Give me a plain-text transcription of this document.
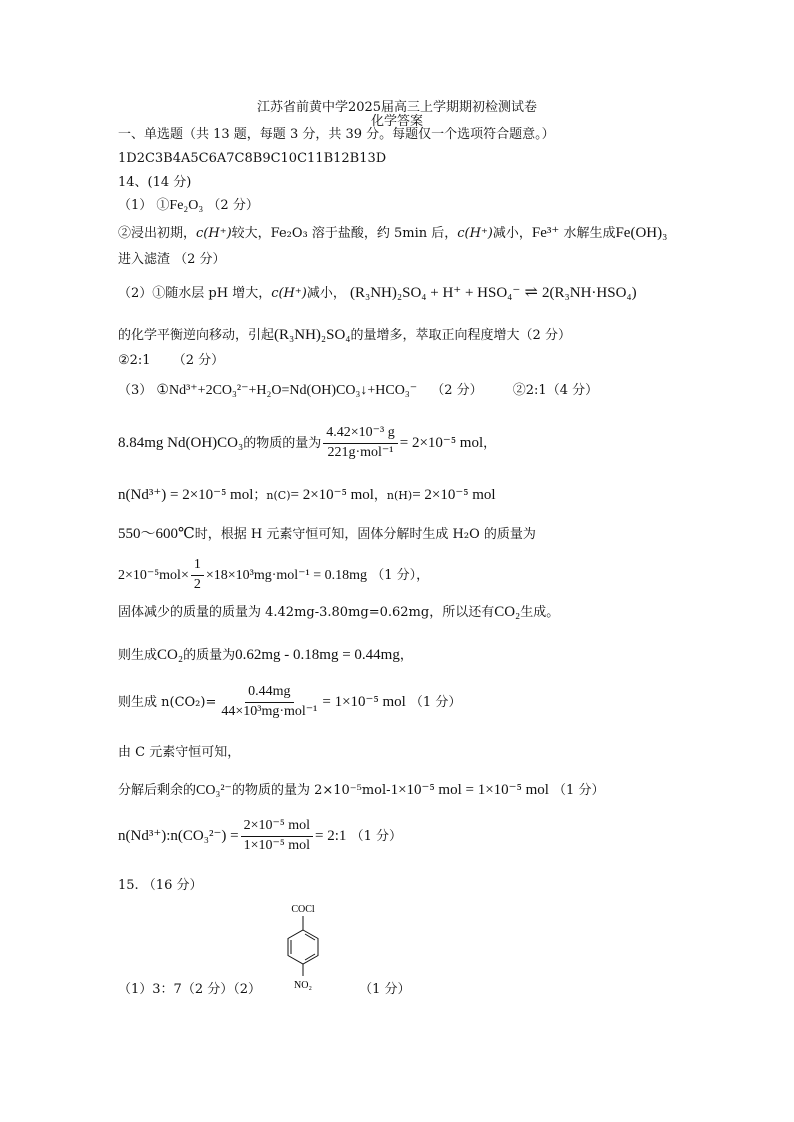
江苏省前黄中学2025届高三上学期期初检测试卷
化学答案
一、单选题（共 13 题，每题 3 分，共 39 分。每题仅一个选项符合题意。）
1D2C3B4A5C6A7C8B9C10C11B12B13D
14、(14 分)
（1） ①Fe₂O₃ （2 分）
②浸出初期，c(H⁺)较大，Fe₂O₃ 溶于盐酸，约 5min 后，c(H⁺)减小，Fe³⁺ 水解生成Fe(OH)₃
进入滤渣 （2 分）
（2）①随水层 pH 增大，c(H⁺)减小， (R₃NH)₂SO₄ + H⁺ + HSO₄⁻ ⇌ 2(R₃NH·HSO₄)
的化学平衡逆向移动，引起(R₃NH)₂SO₄的量增多，萃取正向程度增大（2 分）
②2:1 （2 分）
（3） ①Nd³⁺+2CO₃²⁻+H₂O=Nd(OH)CO₃↓+HCO₃⁻ （2 分） ②2:1（4 分）
8.84mg Nd(OH)CO₃的物质的量为 $\frac{\text{4.42×10⁻³ g}}{\text{221g·mol⁻¹}} = 2\times 10^{-5}$ mol，
n(Nd³⁺) = 2×10⁻⁵ mol；n(C)= 2×10⁻⁵ mol，n(H)= 2×10⁻⁵ mol
550～600℃时，根据 H 元素守恒可知，固体分解时生成 H₂O 的质量为
$2\times 10^{-5}mol\times \frac{1}{2} \times 18\times 10^3mg\cdot mol^{-1} = 0.18mg$ （1 分），
固体减少的质量的质量为 4.42mg-3.80mg=0.62mg，所以还有CO₂生成。
则生成CO₂的质量为0.62mg - 0.18mg = 0.44mg，
则生成 $n(CO_2)= \frac{0.44mg}{\text{44×10³mg·mol⁻¹}} = 1\times 10^{-5}$ mol （1 分）
由 C 元素守恒可知，
分解后剩余的CO₃²⁻的物质的量为 2×10⁻⁵mol-1×10⁻⁵ mol = 1×10⁻⁵ mol （1 分）
n(Nd³⁺):n(CO₃²⁻) = $\frac{\text{2×10⁻⁵ mol}}{\text{1×10⁻⁵ mol}}$ = 2:1 （1 分）
15. （16 分）
COCl
NO₂
（1）3：7（2 分）（2）	（1 分）
